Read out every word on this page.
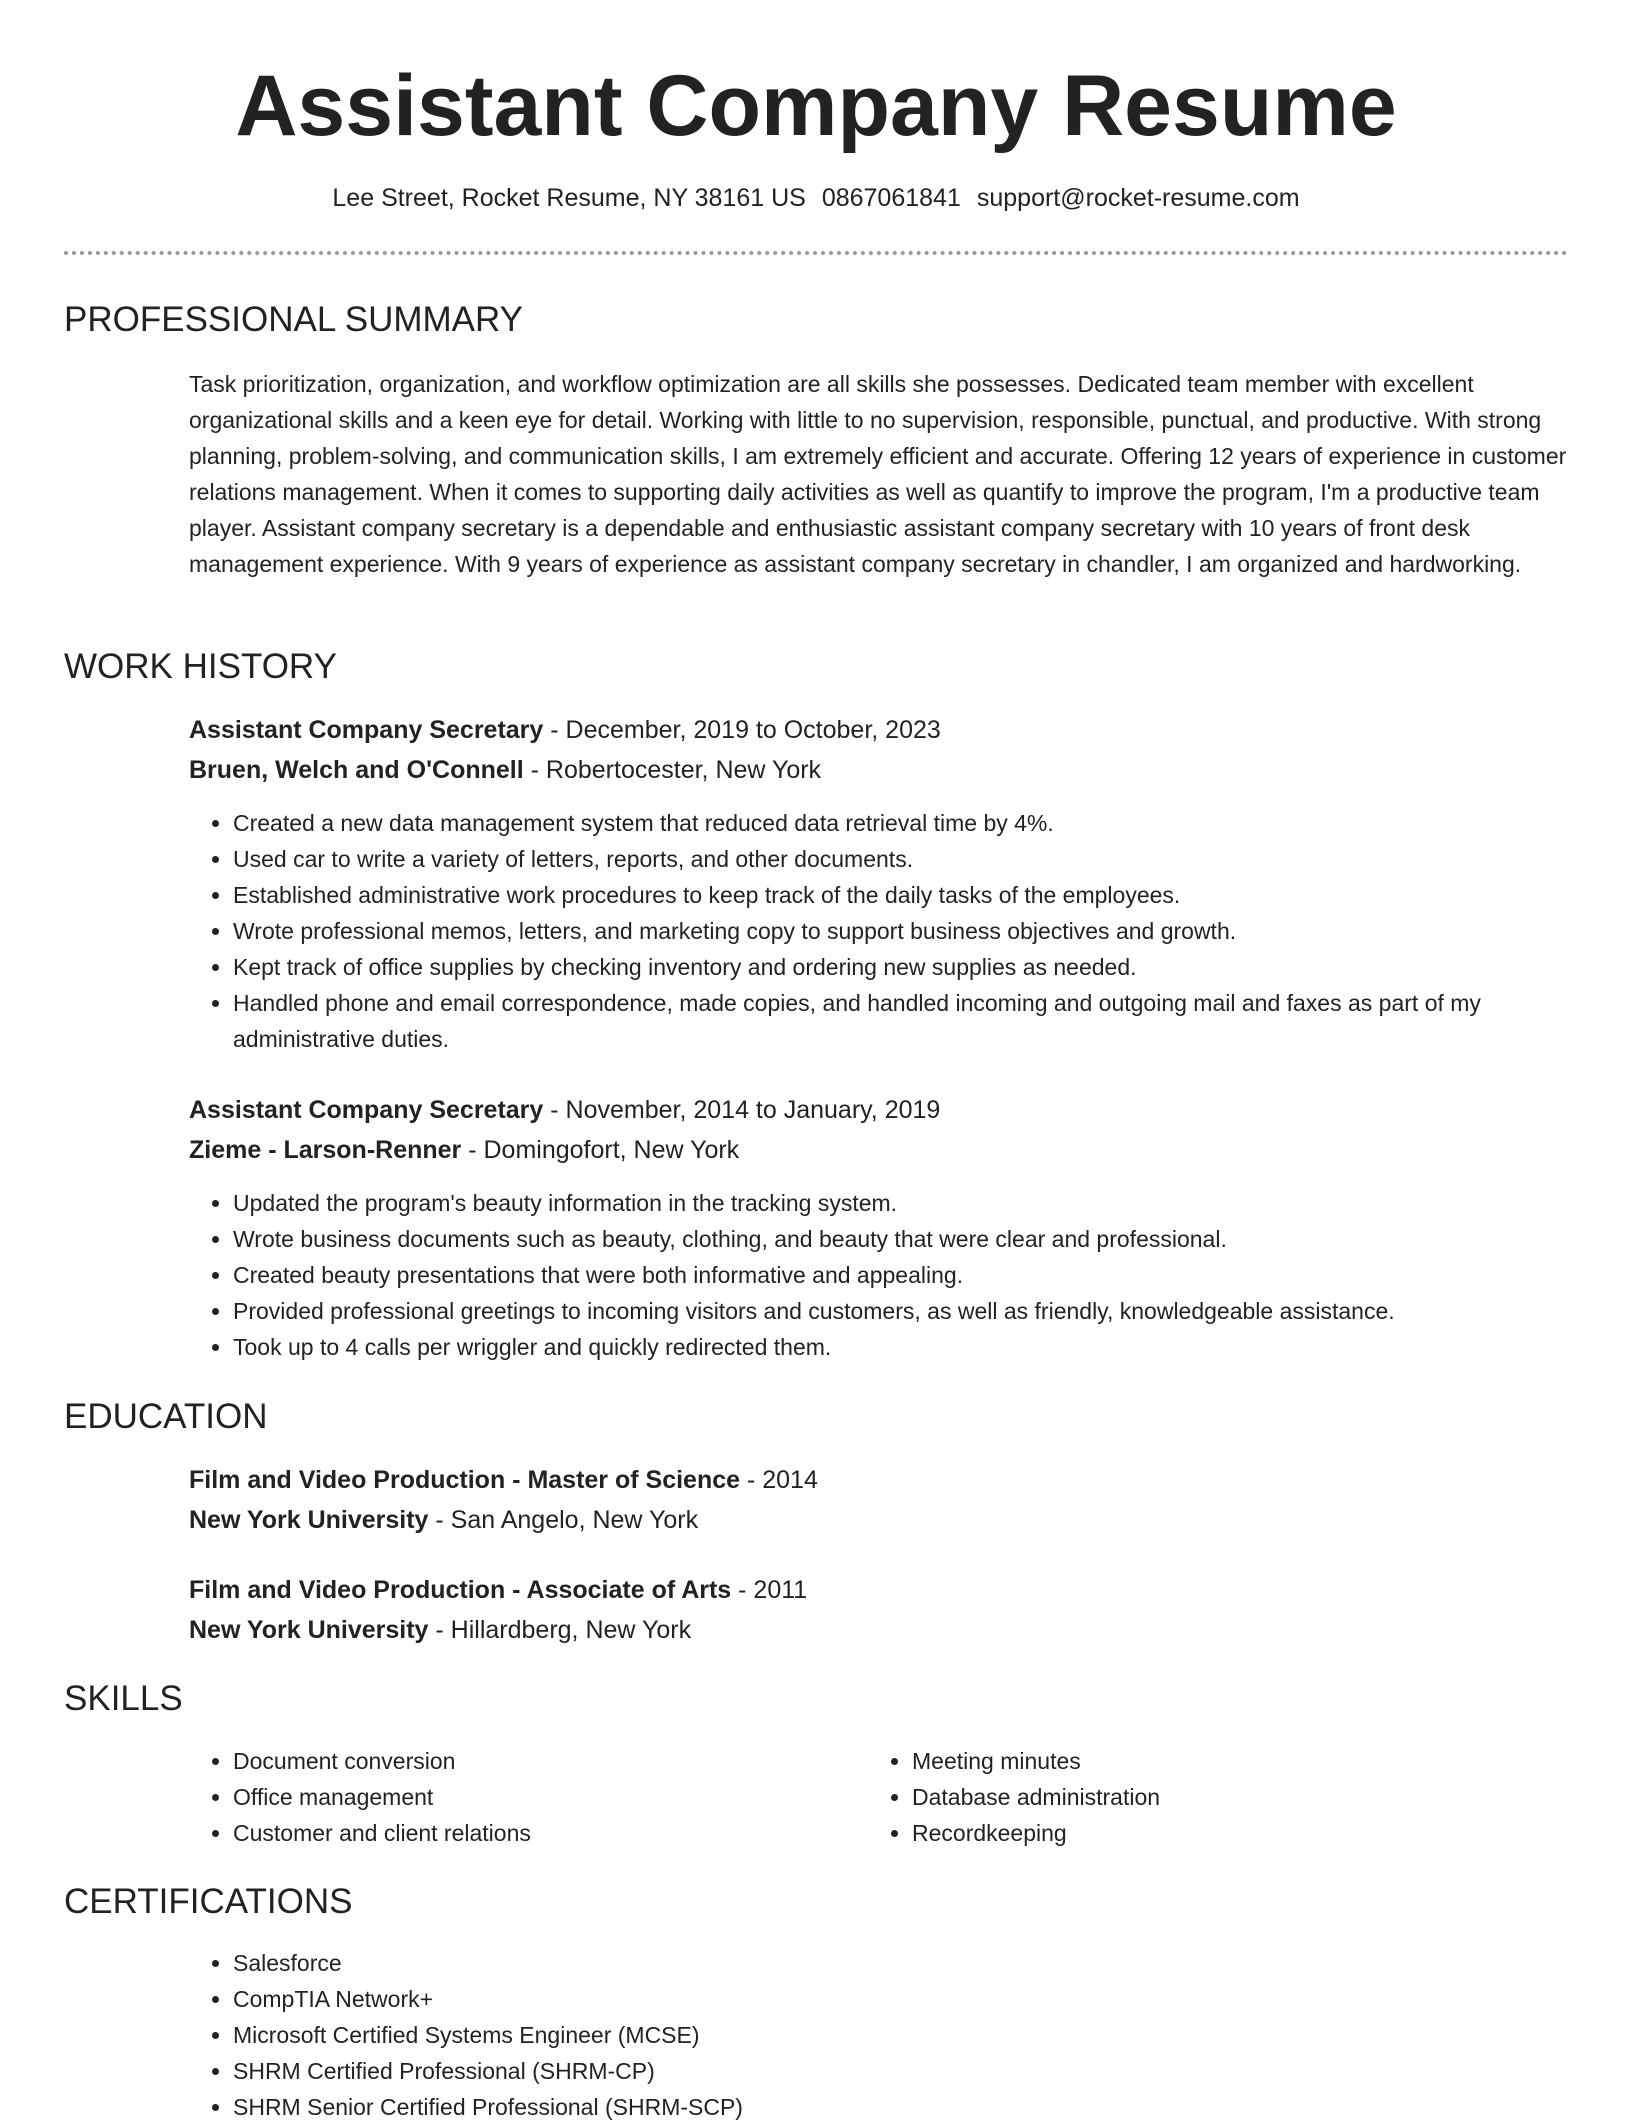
Assistant Company Resume
Lee Street, Rocket Resume, NY 38161 US 0867061841 support@rocket-resume.com
PROFESSIONAL SUMMARY

Task prioritization, organization, and workflow optimization are all skills she possesses. Dedicated team member with excellent organizational skills and a keen eye for detail. Working with little to no supervision, responsible, punctual, and productive. With strong planning, problem-solving, and communication skills, I am extremely efficient and accurate. Offering 12 years of experience in customer relations management. When it comes to supporting daily activities as well as quantify to improve the program, I'm a productive team player. Assistant company secretary is a dependable and enthusiastic assistant company secretary with 10 years of front desk management experience. With 9 years of experience as assistant company secretary in chandler, I am organized and hardworking.

WORK HISTORY
Assistant Company Secretary - December, 2019 to October, 2023
Bruen, Welch and O'Connell - Robertocester, New York
• Created a new data management system that reduced data retrieval time by 4%.
• Used car to write a variety of letters, reports, and other documents.
• Established administrative work procedures to keep track of the daily tasks of the employees.
• Wrote professional memos, letters, and marketing copy to support business objectives and growth.
• Kept track of office supplies by checking inventory and ordering new supplies as needed.
• Handled phone and email correspondence, made copies, and handled incoming and outgoing mail and faxes as part of my administrative duties.
Assistant Company Secretary - November, 2014 to January, 2019
Zieme - Larson-Renner - Domingofort, New York
• Updated the program's beauty information in the tracking system.
• Wrote business documents such as beauty, clothing, and beauty that were clear and professional.
• Created beauty presentations that were both informative and appealing.
• Provided professional greetings to incoming visitors and customers, as well as friendly, knowledgeable assistance.
• Took up to 4 calls per wriggler and quickly redirected them.
EDUCATION
Film and Video Production - Master of Science - 2014
New York University - San Angelo, New York
Film and Video Production - Associate of Arts - 2011
New York University - Hillardberg, New York
SKILLS
• Document conversion
• Office management
• Customer and client relations
• Meeting minutes
• Database administration
• Recordkeeping
CERTIFICATIONS
• Salesforce
• CompTIA Network+
• Microsoft Certified Systems Engineer (MCSE)
• SHRM Certified Professional (SHRM-CP)
• SHRM Senior Certified Professional (SHRM-SCP)
